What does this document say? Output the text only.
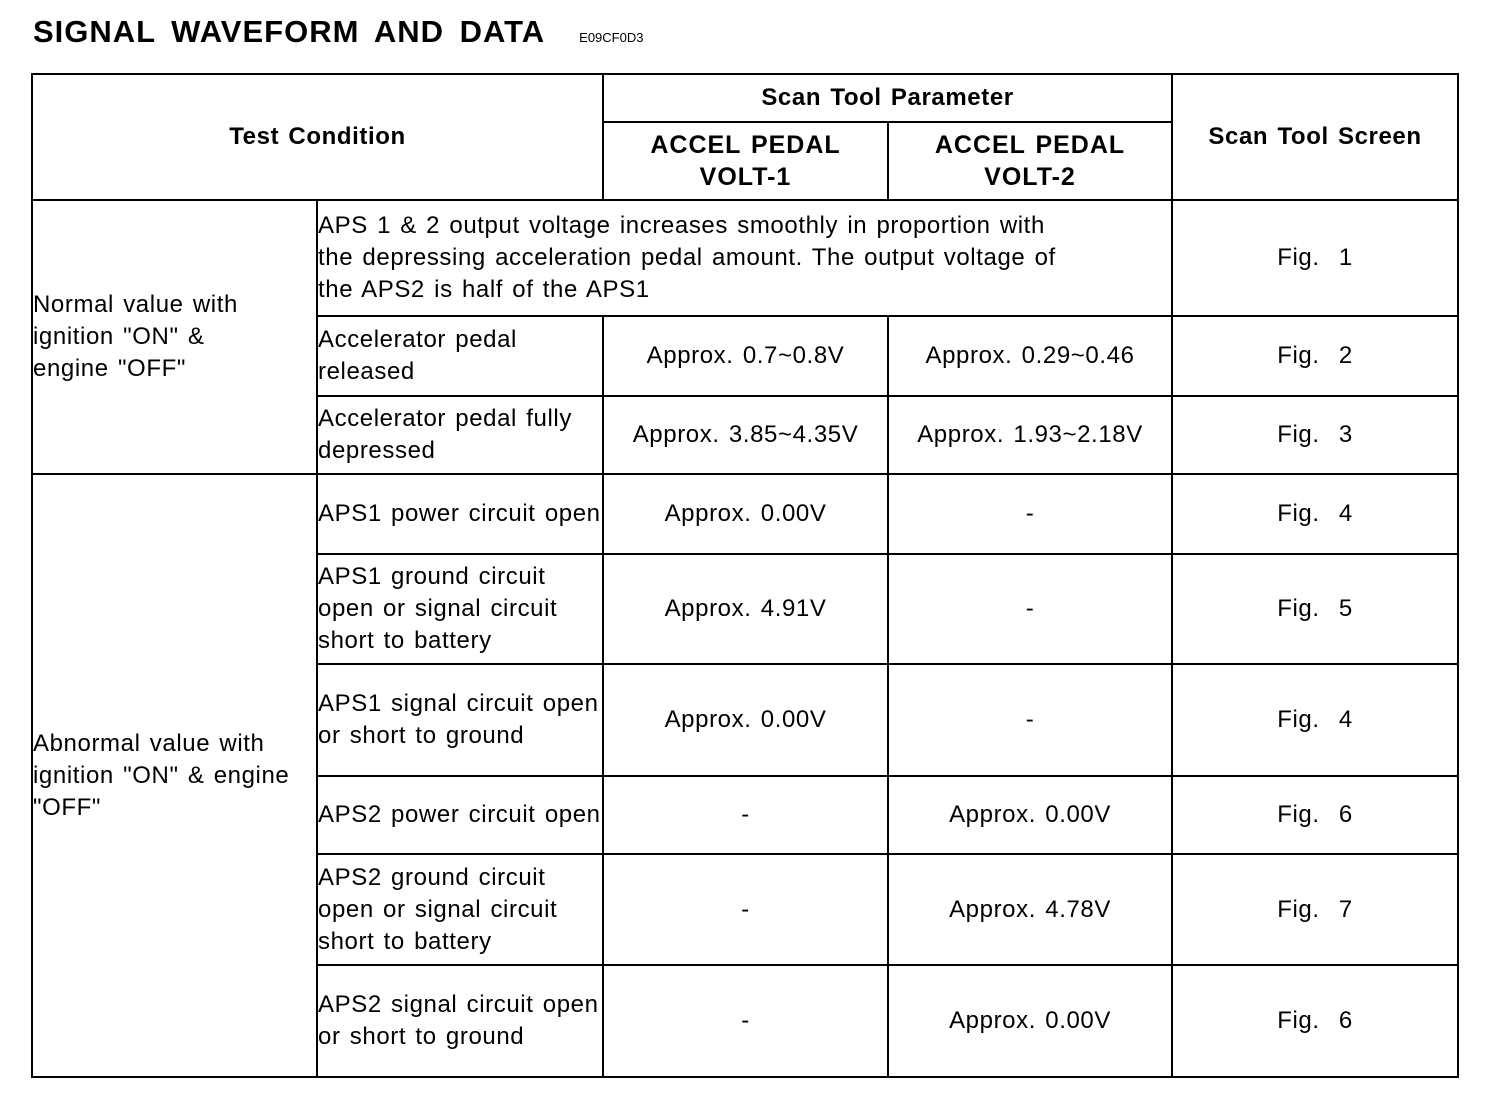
SIGNAL WAVEFORM AND DATA	E09CF0D3
Test Condition		Scan Tool Parameter		Scan Tool Screen
		ACCEL PEDAL VOLT-1	ACCEL PEDAL VOLT-2	
Normal value with ignition "ON" & engine "OFF"	APS 1 & 2 output voltage increases smoothly in proportion with the depressing acceleration pedal amount. The output voltage of the APS2 is half of the APS1			Fig. 1
	Accelerator pedal released	Approx. 0.7~0.8V	Approx. 0.29~0.46	Fig. 2
	Accelerator pedal fully depressed	Approx. 3.85~4.35V	Approx. 1.93~2.18V	Fig. 3
Abnormal value with ignition "ON" & engine "OFF"	APS1 power circuit open	Approx. 0.00V	-	Fig. 4
	APS1 ground circuit open or signal circuit short to battery	Approx. 4.91V	-	Fig. 5
	APS1 signal circuit open or short to ground	Approx. 0.00V	-	Fig. 4
	APS2 power circuit open	-	Approx. 0.00V	Fig. 6
	APS2 ground circuit open or signal circuit short to battery	-	Approx. 4.78V	Fig. 7
	APS2 signal circuit open or short to ground	-	Approx. 0.00V	Fig. 6
